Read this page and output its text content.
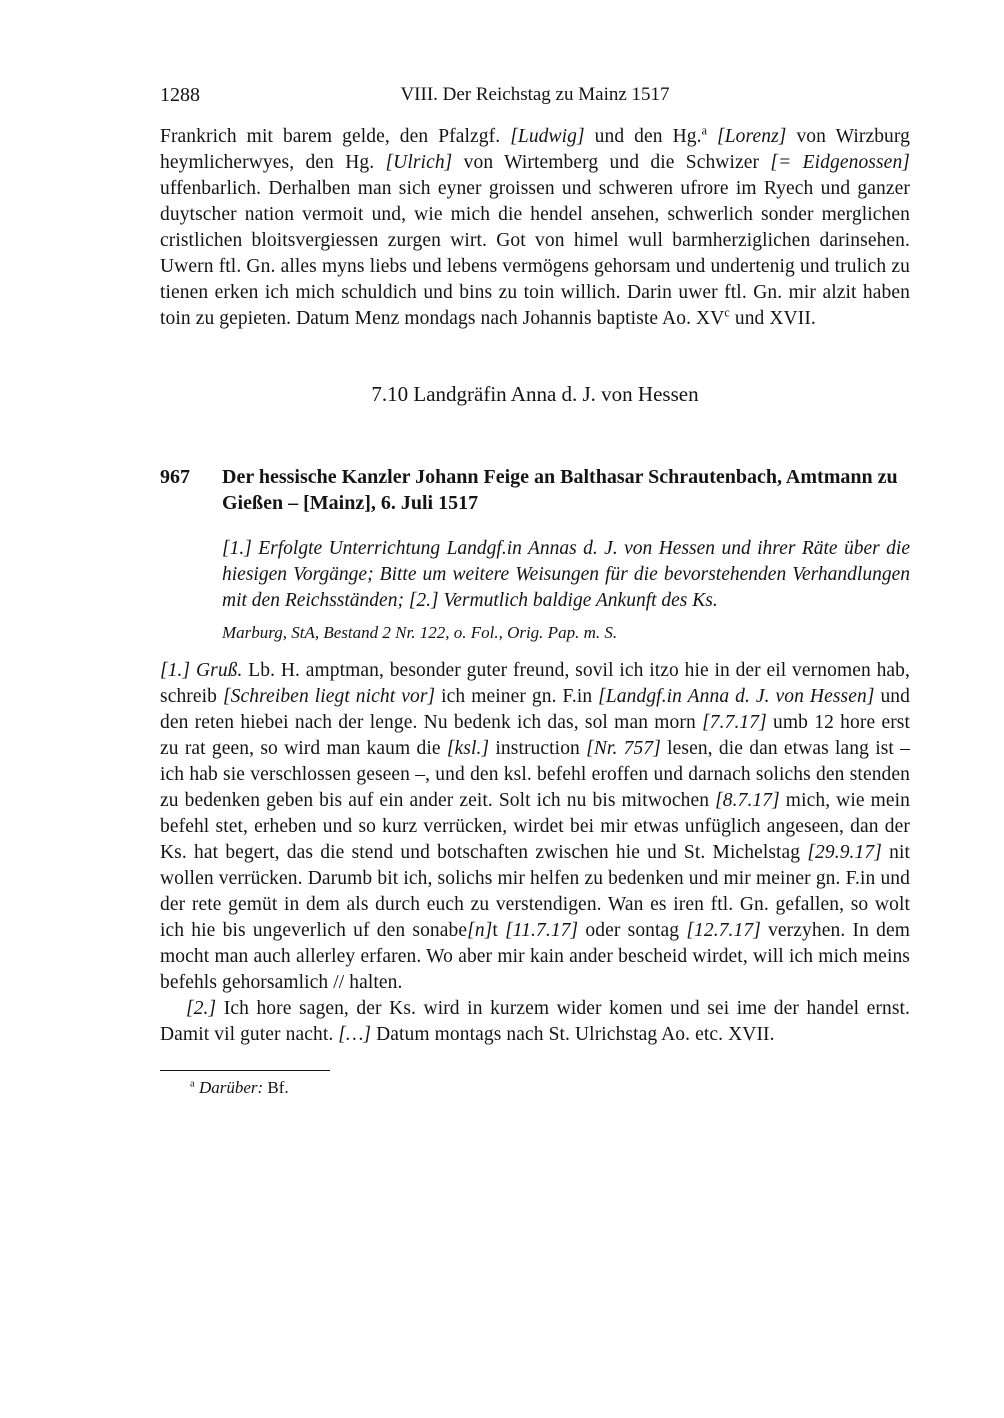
1288	VIII. Der Reichstag zu Mainz 1517

Frankrich mit barem gelde, den Pfalzgf. [Ludwig] und den Hg.$^a$ [Lorenz] von Wirzburg heymlicherwyes, den Hg. [Ulrich] von Wirtemberg und die Schwizer [= Eidgenossen] uffenbarlich. Derhalben man sich eyner groissen und schweren ufrore im Ryech und ganzer duytscher nation vermoit und, wie mich die hendel ansehen, schwerlich sonder merglichen cristlichen bloitsvergiessen zurgen wirt. Got von himel wull barmherziglichen darinsehen. Uwern ftl. Gn. alles myns liebs und lebens vermögens gehorsam und undertenig und trulich zu tienen erken ich mich schuldich und bins zu toin willich. Darin uwer ftl. Gn. mir alzit haben toin zu gepieten. Datum Menz mondags nach Johannis baptiste Ao. $XV^c$ und XVII.

7.10 Landgräfin Anna d. J. von Hessen
967	Der hessische Kanzler Johann Feige an Balthasar Schrautenbach, Amtmann zu Gießen – [Mainz], 6. Juli 1517

[1.] Erfolgte Unterrichtung Landgf.in Annas d. J. von Hessen und ihrer Räte über die hiesigen Vorgänge; Bitte um weitere Weisungen für die bevorstehenden Verhandlungen mit den Reichsständen; [2.] Vermutlich baldige Ankunft des Ks.

Marburg, StA, Bestand 2 Nr. 122, o. Fol., Orig. Pap. m. S.

[1.] Gruß. Lb. H. amptman, besonder guter freund, sovil ich itzo hie in der eil vernomen hab, schreib [Schreiben liegt nicht vor] ich meiner gn. F.in [Landgf.in Anna d. J. von Hessen] und den reten hiebei nach der lenge. Nu bedenk ich das, sol man morn [7.7.17] umb 12 hore erst zu rat geen, so wird man kaum die [ksl.] instruction [Nr. 757] lesen, die dan etwas lang ist – ich hab sie verschlossen geseen –, und den ksl. befehl eroffen und darnach solichs den stenden zu bedenken geben bis auf ein ander zeit. Solt ich nu bis mitwochen [8.7.17] mich, wie mein befehl stet, erheben und so kurz verrücken, wirdet bei mir etwas unfüglich angeseen, dan der Ks. hat begert, das die stend und botschaften zwischen hie und St. Michelstag [29.9.17] nit wollen verrücken. Darumb bit ich, solichs mir helfen zu bedenken und mir meiner gn. F.in und der rete gemüt in dem als durch euch zu verstendigen. Wan es iren ftl. Gn. gefallen, so wolt ich hie bis ungeverlich uf den sonabe[n]t [11.7.17] oder sontag [12.7.17] verzyhen. In dem mocht man auch allerley erfaren. Wo aber mir kain ander bescheid wirdet, will ich mich meins befehls gehorsamlich // halten.

[2.] Ich hore sagen, der Ks. wird in kurzem wider komen und sei ime der handel ernst. Damit vil guter nacht. […] Datum montags nach St. Ulrichstag Ao. etc. XVII.

$^a$ Darüber: Bf.
